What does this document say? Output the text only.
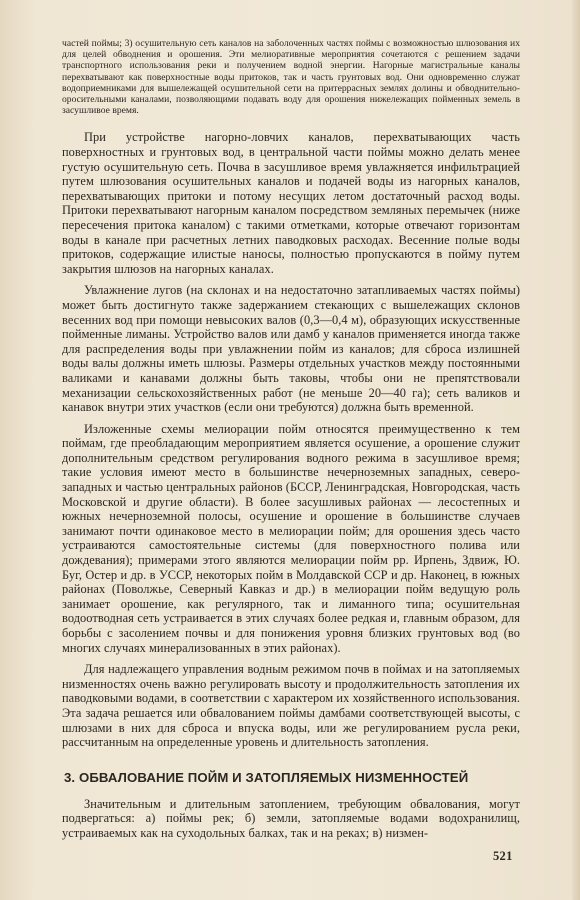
частей поймы; 3) осушительную сеть каналов на заболоченных частях поймы с возможностью шлюзования их для целей обводнения и орошения. Эти мелиоративные мероприятия сочетаются с решением задачи транспортного использования реки и получением водной энергии. Нагорные магистральные каналы перехватывают как поверхностные воды притоков, так и часть грунтовых вод. Они одновременно служат водоприемниками для вышележащей осушительной сети на притеррасных землях долины и обводнительно-оросительными каналами, позволяющими подавать воду для орошения нижележащих пойменных земель в засушливое время.

При устройстве нагорно-ловчих каналов, перехватывающих часть поверхностных и грунтовых вод, в центральной части поймы можно делать менее густую осушительную сеть. Почва в засушливое время увлажняется инфильтрацией путем шлюзования осушительных каналов и подачей воды из нагорных каналов, перехватывающих притоки и потому несущих летом достаточный расход воды. Притоки перехватывают нагорным каналом посредством земляных перемычек (ниже пересечения притока каналом) с такими отметками, которые отвечают горизонтам воды в канале при расчетных летних паводковых расходах. Весенние полые воды притоков, содержащие илистые наносы, полностью пропускаются в пойму путем закрытия шлюзов на нагорных каналах.

Увлажнение лугов (на склонах и на недостаточно затапливаемых частях поймы) может быть достигнуто также задержанием стекающих с вышележащих склонов весенних вод при помощи невысоких валов (0,3—0,4 м), образующих искусственные пойменные лиманы. Устройство валов или дамб у каналов применяется иногда также для распределения воды при увлажнении пойм из каналов; для сброса излишней воды валы должны иметь шлюзы. Размеры отдельных участков между постоянными валиками и канавами должны быть таковы, чтобы они не препятствовали механизации сельскохозяйственных работ (не меньше 20—40 га); сеть валиков и канавок внутри этих участков (если они требуются) должна быть временной.

Изложенные схемы мелиорации пойм относятся преимущественно к тем поймам, где преобладающим мероприятием является осушение, а орошение служит дополнительным средством регулирования водного режима в засушливое время; такие условия имеют место в большинстве нечерноземных западных, северо-западных и частью центральных районов (БССР, Ленинградская, Новгородская, часть Московской и другие области). В более засушливых районах — лесостепных и южных нечерноземной полосы, осушение и орошение в большинстве случаев занимают почти одинаковое место в мелиорации пойм; для орошения здесь часто устраиваются самостоятельные системы (для поверхностного полива или дождевания); примерами этого являются мелиорации пойм рр. Ирпень, Здвиж, Ю. Буг, Остер и др. в УССР, некоторых пойм в Молдавской ССР и др. Наконец, в южных районах (Поволжье, Северный Кавказ и др.) в мелиорации пойм ведущую роль занимает орошение, как регулярного, так и лиманного типа; осушительная водоотводная сеть устраивается в этих случаях более редкая и, главным образом, для борьбы с засолением почвы и для понижения уровня близких грунтовых вод (во многих случаях минерализованных в этих районах).

Для надлежащего управления водным режимом почв в поймах и на затопляемых низменностях очень важно регулировать высоту и продолжительность затопления их паводковыми водами, в соответствии с характером их хозяйственного использования. Эта задача решается или обвалованием поймы дамбами соответствующей высоты, с шлюзами в них для сброса и впуска воды, или же регулированием русла реки, рассчитанным на определенные уровень и длительность затопления.

3. ОБВАЛОВАНИЕ ПОЙМ И ЗАТОПЛЯЕМЫХ НИЗМЕННОСТЕЙ

Значительным и длительным затоплением, требующим обвалования, могут подвергаться: а) поймы рек; б) земли, затопляемые водами водохранилищ, устраиваемых как на суходольных балках, так и на реках; в) низмен-

521
